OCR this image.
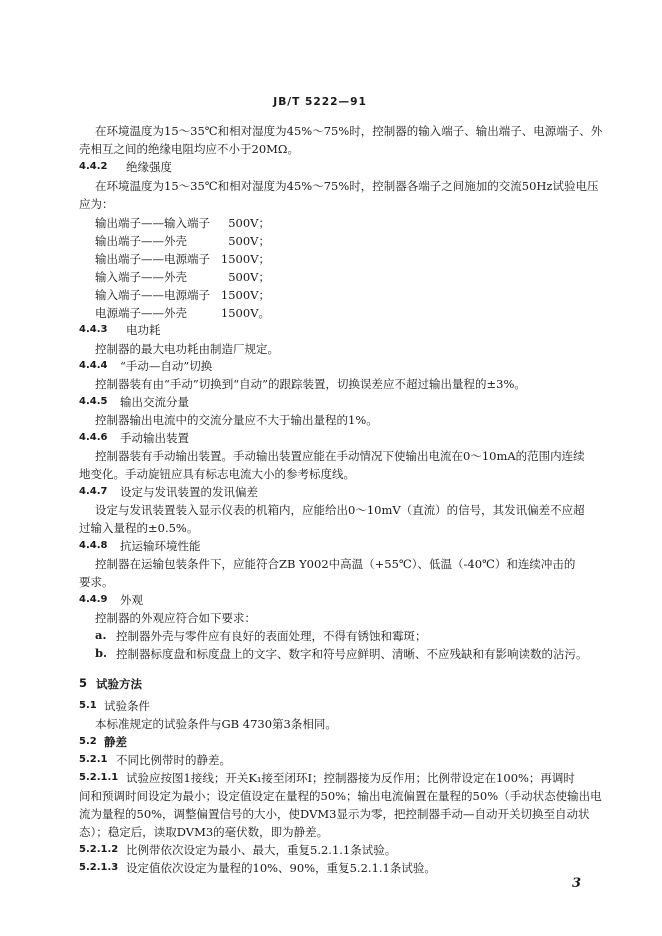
JB/T 5222—91
在环境温度为15～35℃和相对湿度为45%～75%时，控制器的输入端子、输出端子、电源端子、外
壳相互之间的绝缘电阻均应不小于20MΩ。
4.4.2 绝缘强度
在环境温度为15～35℃和相对湿度为45%～75%时，控制器各端子之间施加的交流50Hz试验电压
应为：
输出端子——输入端子	500V；
输出端子——外壳	500V；
输出端子——电源端子 1500V；
输入端子——外壳	500V；
输入端子——电源端子 1500V；
电源端子——外壳	1500V。
4.4.3 电功耗
控制器的最大电功耗由制造厂规定。
4.4.4 “手动—自动”切换
控制器装有由“手动”切换到“自动”的跟踪装置，切换误差应不超过输出量程的±3%。
4.4.5 输出交流分量
控制器输出电流中的交流分量应不大于输出量程的1%。
4.4.6 手动输出装置
控制器装有手动输出装置。手动输出装置应能在手动情况下使输出电流在0～10mA的范围内连续
地变化。手动旋钮应具有标志电流大小的参考标度线。
4.4.7 设定与发讯装置的发讯偏差
设定与发讯装置装入显示仪表的机箱内，应能给出0～10mV（直流）的信号，其发讯偏差不应超
过输入量程的±0.5%。
4.4.8 抗运输环境性能
控制器在运输包装条件下，应能符合ZB Y002中高温（+55℃）、低温（-40℃）和连续冲击的
要求。
4.4.9 外观
控制器的外观应符合如下要求：
a. 控制器外壳与零件应有良好的表面处理，不得有锈蚀和霉斑；
b. 控制器标度盘和标度盘上的文字、数字和符号应鲜明、清晰、不应残缺和有影响读数的沾污。
5 试验方法
5.1 试验条件
本标准规定的试验条件与GB 4730第3条相同。
5.2 静差
5.2.1 不同比例带时的静差。
5.2.1.1 试验应按图1接线；开关K₁接至闭环Ⅰ；控制器接为反作用；比例带设定在100%；再调时
间和预调时间设定为最小；设定值设定在量程的50%；输出电流偏置在量程的50%（手动状态使输出电
流为量程的50%，调整偏置信号的大小，使DVM3显示为零，把控制器手动—自动开关切换至自动状
态）；稳定后，读取DVM3的毫伏数，即为静差。
5.2.1.2 比例带依次设定为最小、最大，重复5.2.1.1条试验。
5.2.1.3 设定值依次设定为量程的10%、90%，重复5.2.1.1条试验。
3
